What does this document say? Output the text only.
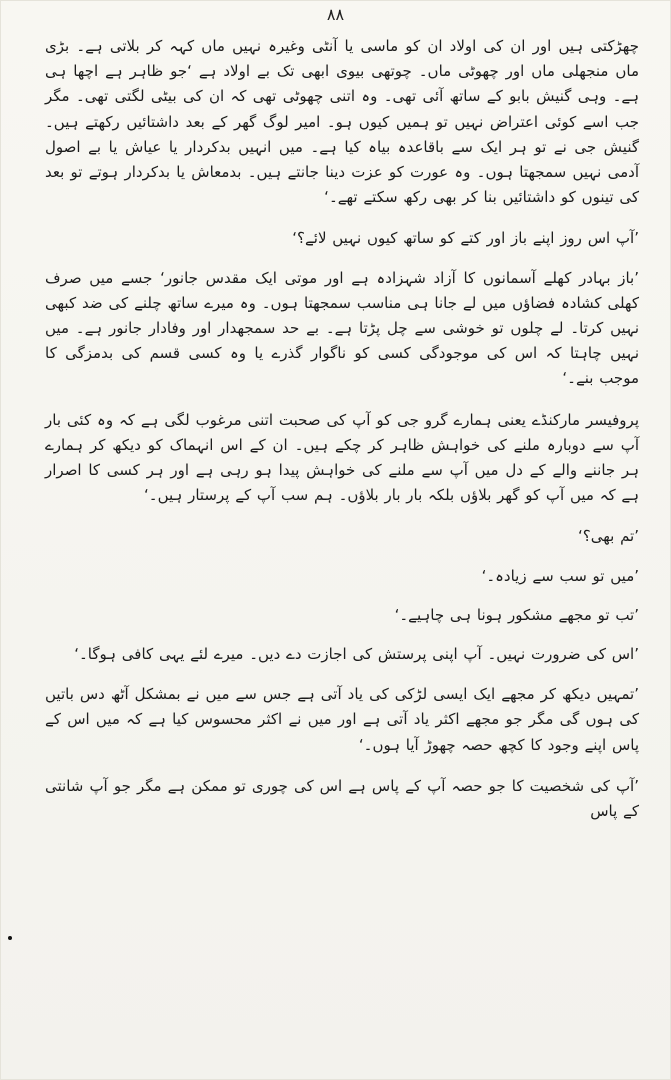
۸۸

چھڑکتی ہیں اور ان کی اولاد ان کو ماسی یا آنٹی وغیرہ نہیں ماں کہہ کر بلاتی ہے۔ بڑی ماں منجھلی ماں اور چھوٹی ماں۔ چوتھی بیوی ابھی تک بے اولاد ہے ‘جو ظاہر ہے اچھا ہی ہے۔ وہی گنیش بابو کے ساتھ آئی تھی۔ وہ اتنی چھوٹی تھی کہ ان کی بیٹی لگتی تھی۔ مگر جب اسے کوئی اعتراض نہیں تو ہمیں کیوں ہو۔ امیر لوگ گھر کے بعد داشتائیں رکھتے ہیں۔ گنیش جی نے تو ہر ایک سے باقاعدہ بیاہ کیا ہے۔ میں انہیں بدکردار یا عیاش یا بے اصول آدمی نہیں سمجھتا ہوں۔ وہ عورت کو عزت دینا جانتے ہیں۔ بدمعاش یا بدکردار ہوتے تو بعد کی تینوں کو داشتائیں بنا کر بھی رکھ سکتے تھے۔‘

’آپ اس روز اپنے باز اور کتے کو ساتھ کیوں نہیں لائے؟‘

’باز بہادر کھلے آسمانوں کا آزاد شہزادہ ہے اور موتی ایک مقدس جانور‘ جسے میں صرف کھلی کشادہ فضاؤں میں لے جانا ہی مناسب سمجھتا ہوں۔ وہ میرے ساتھ چلنے کی ضد کبھی نہیں کرتا۔ لے چلوں تو خوشی سے چل پڑتا ہے۔ بے حد سمجھدار اور وفادار جانور ہے۔ میں نہیں چاہتا کہ اس کی موجودگی کسی کو ناگوار گذرے یا وہ کسی قسم کی بدمزگی کا موجب بنے۔‘

پروفیسر مارکنڈے یعنی ہمارے گرو جی کو آپ کی صحبت اتنی مرغوب لگی ہے کہ وہ کئی بار آپ سے دوبارہ ملنے کی خواہش ظاہر کر چکے ہیں۔ ان کے اس انہماک کو دیکھ کر ہمارے ہر جاننے والے کے دل میں آپ سے ملنے کی خواہش پیدا ہو رہی ہے اور ہر کسی کا اصرار ہے کہ میں آپ کو گھر بلاؤں بلکہ بار بار بلاؤں۔ ہم سب آپ کے پرستار ہیں۔‘

’تم بھی؟‘

’میں تو سب سے زیادہ۔‘

’تب تو مجھے مشکور ہونا ہی چاہیے۔‘

’اس کی ضرورت نہیں۔ آپ اپنی پرستش کی اجازت دے دیں۔ میرے لئے یہی کافی ہوگا۔‘

’تمہیں دیکھ کر مجھے ایک ایسی لڑکی کی یاد آتی ہے جس سے میں نے بمشکل آٹھ دس باتیں کی ہوں گی مگر جو مجھے اکثر یاد آتی ہے اور میں نے اکثر محسوس کیا ہے کہ میں اس کے پاس اپنے وجود کا کچھ حصہ چھوڑ آیا ہوں۔‘

’آپ کی شخصیت کا جو حصہ آپ کے پاس ہے اس کی چوری تو ممکن ہے مگر جو آپ شانتی کے پاس
